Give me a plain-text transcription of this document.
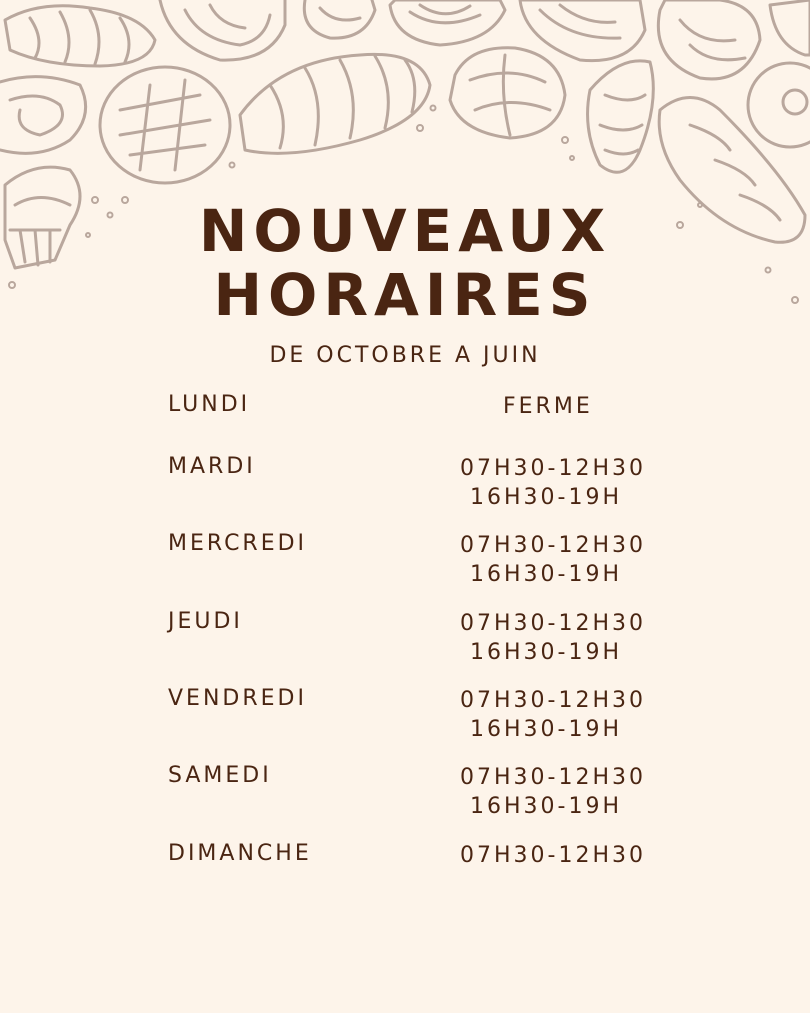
NOUVEAUX
HORAIRES
DE OCTOBRE A JUIN
LUNDI	FERME
MARDI	07H30-12H30
16H30-19H
MERCREDI	07H30-12H30
16H30-19H
JEUDI	07H30-12H30
16H30-19H
VENDREDI	07H30-12H30
16H30-19H
SAMEDI	07H30-12H30
16H30-19H
DIMANCHE	07H30-12H30
